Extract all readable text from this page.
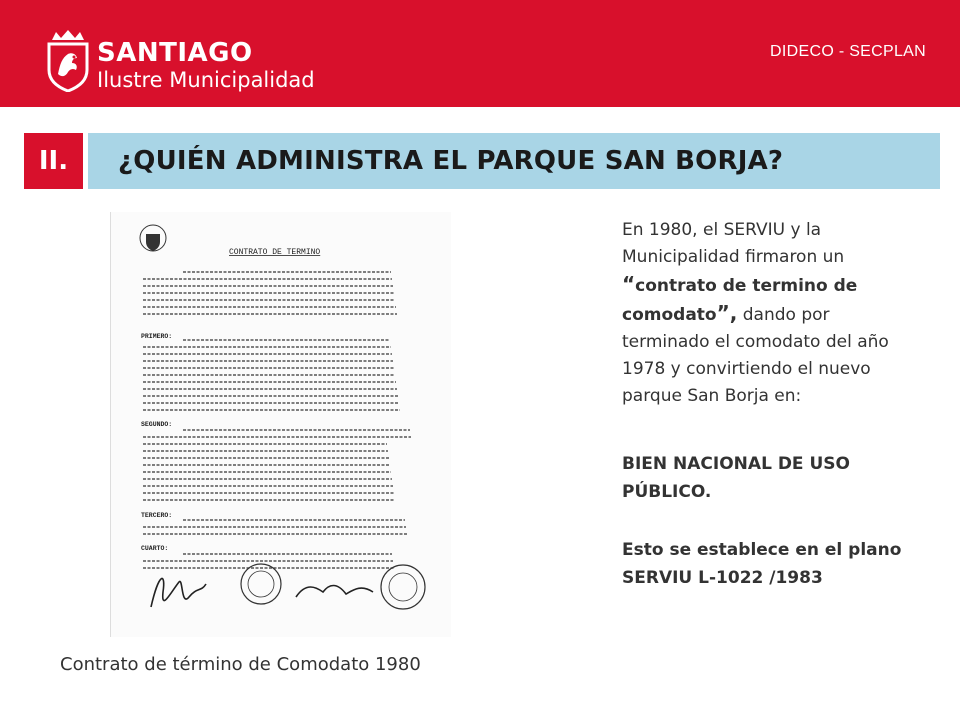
SANTIAGO
Ilustre Municipalidad
DIDECO - SECPLAN
II.	¿QUIÉN ADMINISTRA EL PARQUE SAN BORJA?
CONTRATO DE TERMINO
PRIMERO:
SEGUNDO:
TERCERO:
CUARTO:
Contrato de término de Comodato 1980
En 1980, el SERVIU y la Municipalidad firmaron un “contrato de termino de comodato”, dando por terminado el comodato del año 1978 y convirtiendo el nuevo parque San Borja en:
BIEN NACIONAL DE USO PÚBLICO.
Esto se establece en el plano SERVIU L-1022 /1983
